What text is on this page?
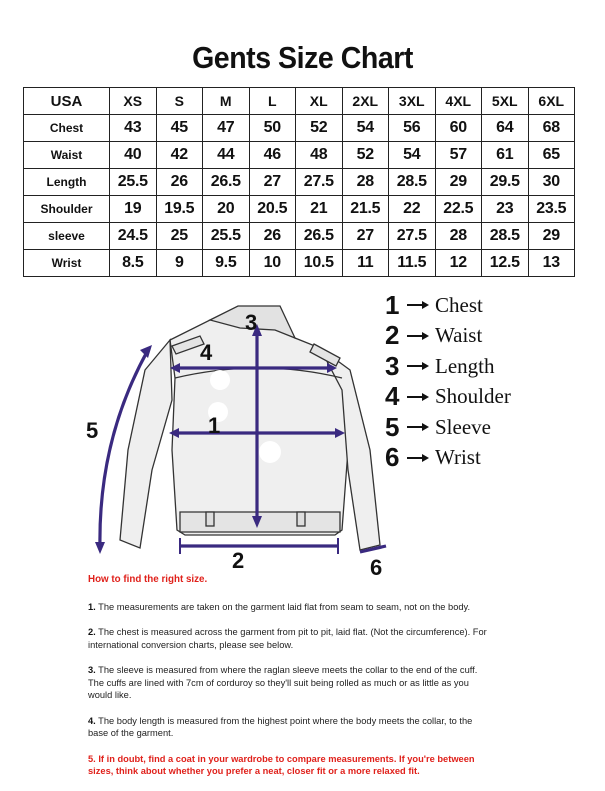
Gents Size Chart
USA	XS	S	M	L	XL	2XL	3XL	4XL	5XL	6XL
Chest	43	45	47	50	52	54	56	60	64	68
Waist	40	42	44	46	48	52	54	57	61	65
Length	25.5	26	26.5	27	27.5	28	28.5	29	29.5	30
Shoulder	19	19.5	20	20.5	21	21.5	22	22.5	23	23.5
sleeve	24.5	25	25.5	26	26.5	27	27.5	28	28.5	29
Wrist	8.5	9	9.5	10	10.5	11	11.5	12	12.5	13
3
4
1
5
2	6
1	Chest
2	Waist
3	Length
4	Shoulder
5	Sleeve
6	Wrist
How to find the right size.

1. The measurements are taken on the garment laid flat from seam to seam, not on the body.

2. The chest is measured across the garment from pit to pit, laid flat. (Not the circumference). For international conversion charts, please see below.

3. The sleeve is measured from where the raglan sleeve meets the collar to the end of the cuff. The cuffs are lined with 7cm of corduroy so they'll suit being rolled as much or as little as you would like.

4. The body length is measured from the highest point where the body meets the collar, to the base of the garment.

5. If in doubt, find a coat in your wardrobe to compare measurements. If you're between sizes, think about whether you prefer a neat, closer fit or a more relaxed fit.
